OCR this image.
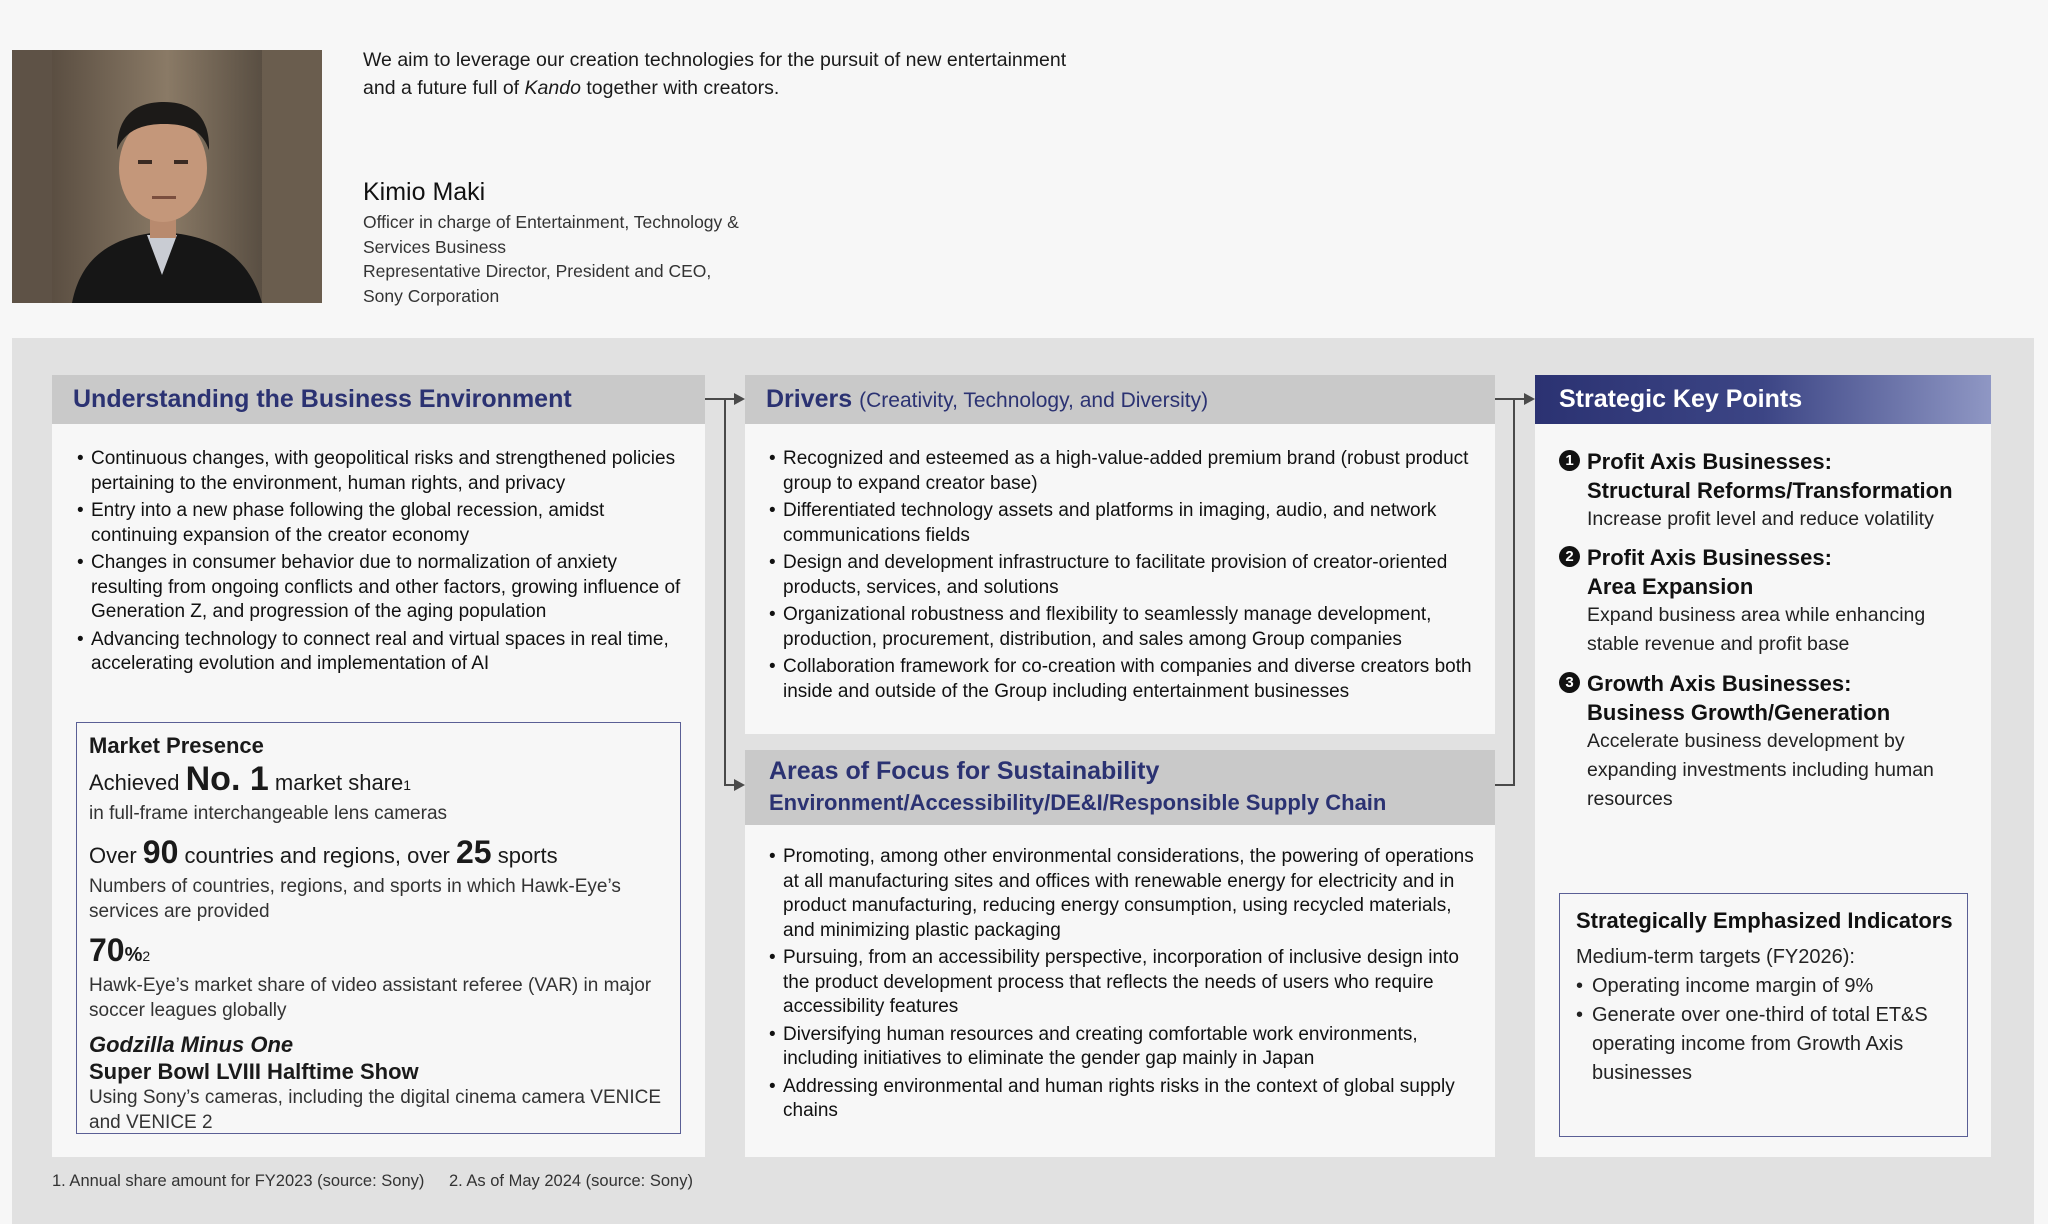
We aim to leverage our creation technologies for the pursuit of new entertainment and a future full of Kando together with creators.
Kimio Maki
Officer in charge of Entertainment, Technology &
Services Business
Representative Director, President and CEO,
Sony Corporation
Understanding the Business Environment
• Continuous changes, with geopolitical risks and strengthened policies pertaining to the environment, human rights, and privacy
• Entry into a new phase following the global recession, amidst continuing expansion of the creator economy
• Changes in consumer behavior due to normalization of anxiety resulting from ongoing conflicts and other factors, growing influence of Generation Z, and progression of the aging population
• Advancing technology to connect real and virtual spaces in real time, accelerating evolution and implementation of AI
Market Presence
Achieved No. 1 market share$^1$
in full-frame interchangeable lens cameras
Over 90 countries and regions, over 25 sports
Numbers of countries, regions, and sports in which Hawk-Eye’s services are provided
70%$^2$
Hawk-Eye’s market share of video assistant referee (VAR) in major soccer leagues globally
Godzilla Minus One
Super Bowl LVIII Halftime Show
Using Sony’s cameras, including the digital cinema camera VENICE and VENICE 2
Drivers (Creativity, Technology, and Diversity)
• Recognized and esteemed as a high-value-added premium brand (robust product group to expand creator base)
• Differentiated technology assets and platforms in imaging, audio, and network communications fields
• Design and development infrastructure to facilitate provision of creator-oriented products, services, and solutions
• Organizational robustness and flexibility to seamlessly manage development, production, procurement, distribution, and sales among Group companies
• Collaboration framework for co-creation with companies and diverse creators both inside and outside of the Group including entertainment businesses
Areas of Focus for Sustainability
Environment/Accessibility/DE&I/Responsible Supply Chain
• Promoting, among other environmental considerations, the powering of operations at all manufacturing sites and offices with renewable energy for electricity and in product manufacturing, reducing energy consumption, using recycled materials, and minimizing plastic packaging
• Pursuing, from an accessibility perspective, incorporation of inclusive design into the product development process that reflects the needs of users who require accessibility features
• Diversifying human resources and creating comfortable work environments, including initiatives to eliminate the gender gap mainly in Japan
• Addressing environmental and human rights risks in the context of global supply chains
Strategic Key Points
1 Profit Axis Businesses:
Structural Reforms/Transformation
Increase profit level and reduce volatility
2 Profit Axis Businesses:
Area Expansion
Expand business area while enhancing stable revenue and profit base
3 Growth Axis Businesses:
Business Growth/Generation
Accelerate business development by expanding investments including human resources
Strategically Emphasized Indicators
Medium-term targets (FY2026):
• Operating income margin of 9%
• Generate over one-third of total ET&S operating income from Growth Axis businesses
1. Annual share amount for FY2023 (source: Sony) 2. As of May 2024 (source: Sony)
